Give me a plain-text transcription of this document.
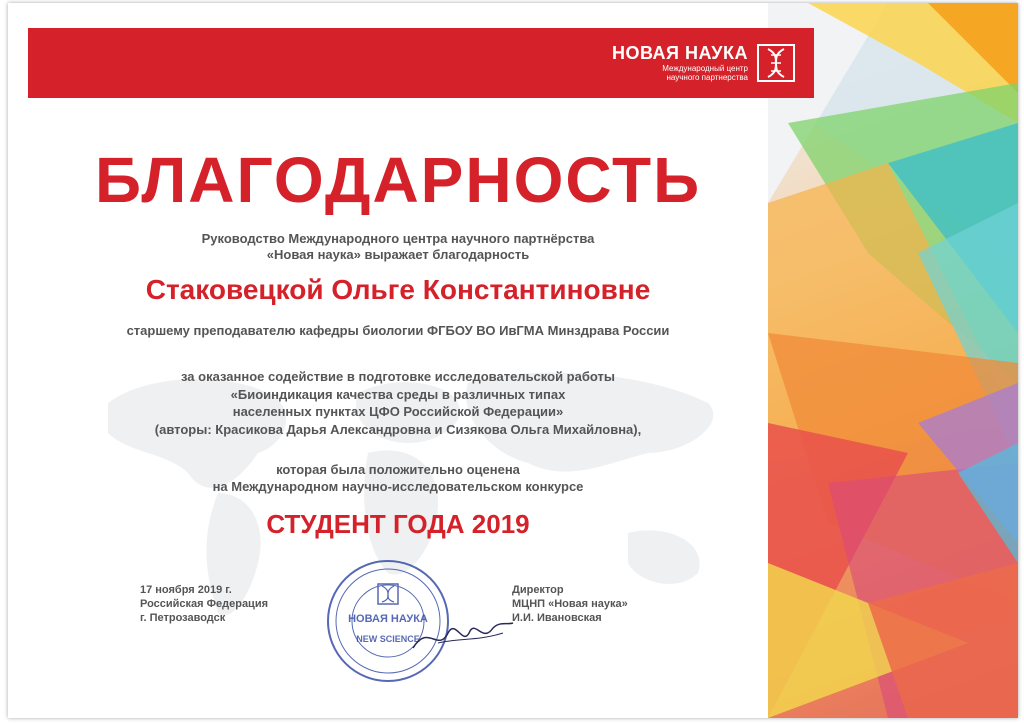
НОВАЯ НАУКА
Международный центр
научного партнерства
БЛАГОДАРНОСТЬ
Руководство Международного центра научного партнёрства
«Новая наука» выражает благодарность
Стаковецкой Ольге Константиновне
старшему преподавателю кафедры биологии ФГБОУ ВО ИвГМА Минздрава России
за оказанное содействие в подготовке исследовательской работы
«Биоиндикация качества среды в различных типах
населенных пунктах ЦФО Российской Федерации»
(авторы: Красикова Дарья Александровна и Сизякова Ольга Михайловна),
которая была положительно оценена
на Международном научно-исследовательском конкурсе
СТУДЕНТ ГОДА 2019
17 ноября 2019 г.
Российская Федерация
г. Петрозаводск
Директор
МЦНП «Новая наука»
И.И. Ивановская
НОВАЯ НАУКА
NEW SCIENCE
